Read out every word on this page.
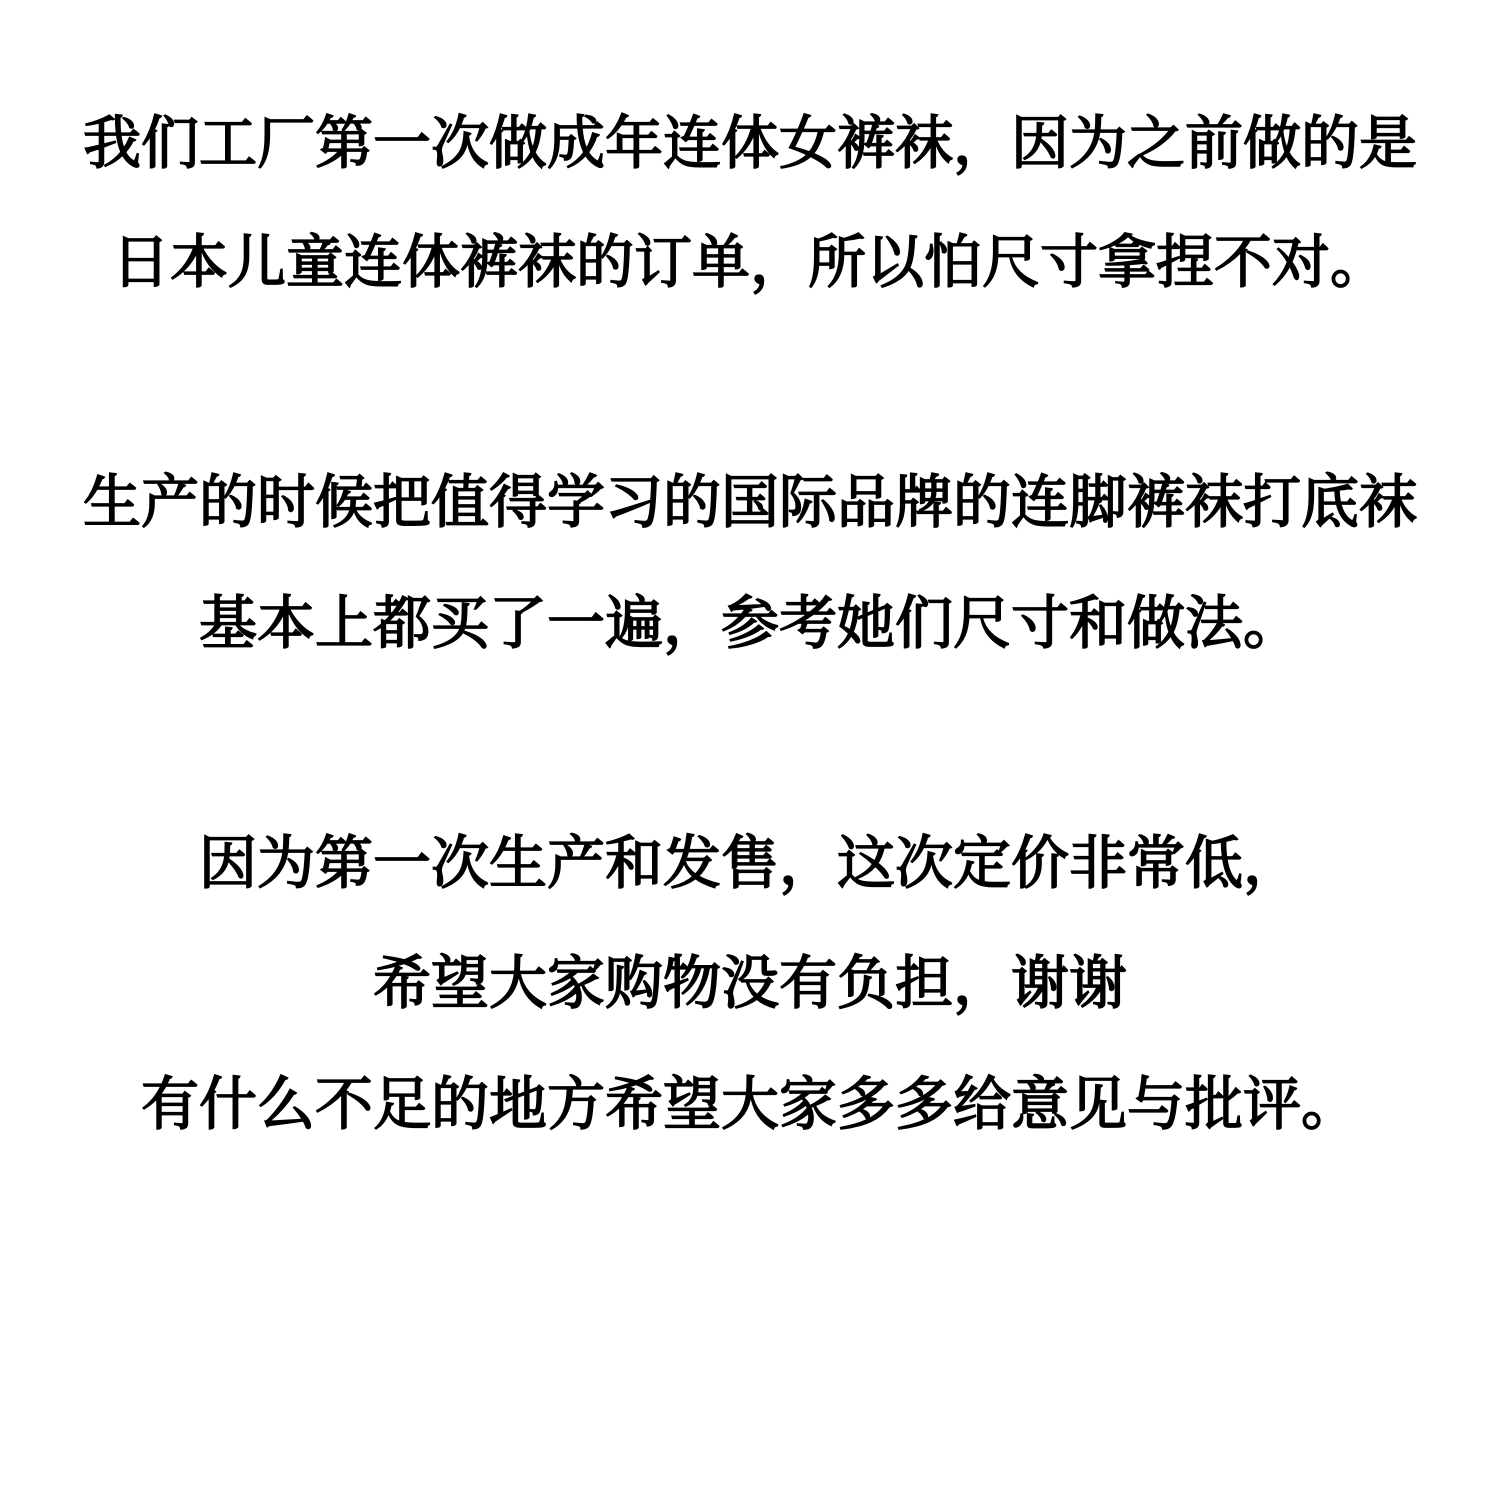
我们工厂第一次做成年连体女裤袜，因为之前做的是
日本儿童连体裤袜的订单，所以怕尺寸拿捏不对。
生产的时候把值得学习的国际品牌的连脚裤袜打底袜
基本上都买了一遍，参考她们尺寸和做法。
因为第一次生产和发售，这次定价非常低，
希望大家购物没有负担，谢谢
有什么不足的地方希望大家多多给意见与批评。
